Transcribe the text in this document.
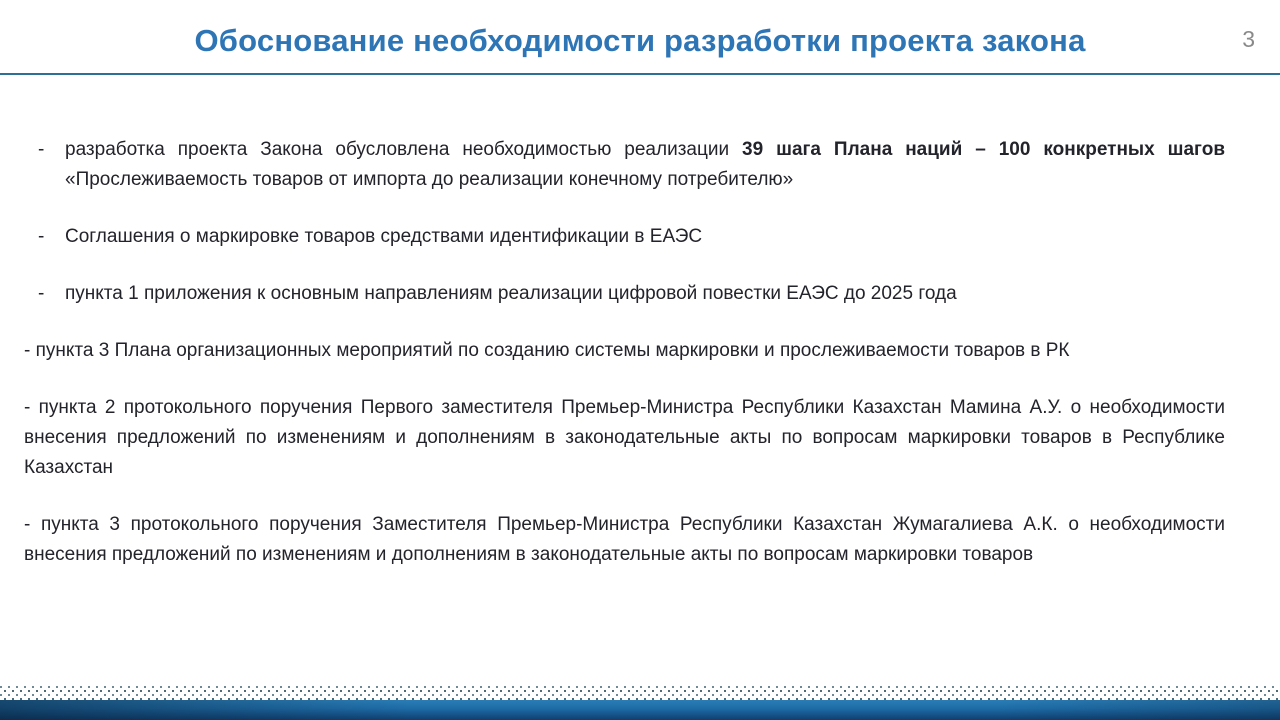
Обоснование необходимости разработки проекта закона	3
- разработка проекта Закона обусловлена необходимостью реализации 39 шага Плана наций – 100 конкретных шагов «Прослеживаемость товаров от импорта до реализации конечному потребителю»
- Соглашения о маркировке товаров средствами идентификации в ЕАЭС
- пункта 1 приложения к основным направлениям реализации цифровой повестки ЕАЭС до 2025 года
- пункта 3 Плана организационных мероприятий по созданию системы маркировки и прослеживаемости товаров в РК
- пункта 2 протокольного поручения Первого заместителя Премьер-Министра Республики Казахстан Мамина А.У. о необходимости внесения предложений по изменениям и дополнениям в законодательные акты по вопросам маркировки товаров в Республике Казахстан
- пункта 3 протокольного поручения Заместителя Премьер-Министра Республики Казахстан Жумагалиева А.К. о необходимости внесения предложений по изменениям и дополнениям в законодательные акты по вопросам маркировки товаров
